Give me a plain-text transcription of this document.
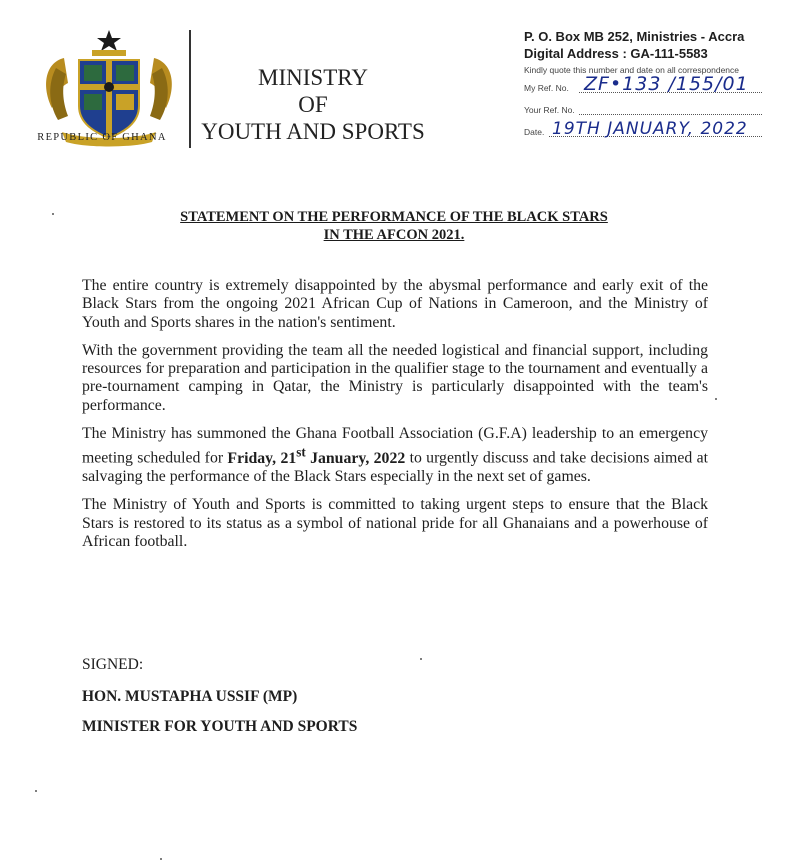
REPUBLIC OF GHANA
MINISTRY
OF
YOUTH AND SPORTS
P. O. Box MB 252, Ministries - Accra
Digital Address : GA-111-5583
Kindly quote this number and date on all correspondence
My Ref. No. ZF•133 /155/01
Your Ref. No.
Date. 19TH JANUARY, 2022
STATEMENT ON THE PERFORMANCE OF THE BLACK STARS
IN THE AFCON 2021.

The entire country is extremely disappointed by the abysmal performance and early exit of the Black Stars from the ongoing 2021 African Cup of Nations in Cameroon, and the Ministry of Youth and Sports shares in the nation's sentiment.

With the government providing the team all the needed logistical and financial support, including resources for preparation and participation in the qualifier stage to the tournament and eventually a pre-tournament camping in Qatar, the Ministry is particularly disappointed with the team's performance.

The Ministry has summoned the Ghana Football Association (G.F.A) leadership to an emergency meeting scheduled for Friday, 21st January, 2022 to urgently discuss and take decisions aimed at salvaging the performance of the Black Stars especially in the next set of games.

The Ministry of Youth and Sports is committed to taking urgent steps to ensure that the Black Stars is restored to its status as a symbol of national pride for all Ghanaians and a powerhouse of African football.

SIGNED:
HON. MUSTAPHA USSIF (MP)
MINISTER FOR YOUTH AND SPORTS
